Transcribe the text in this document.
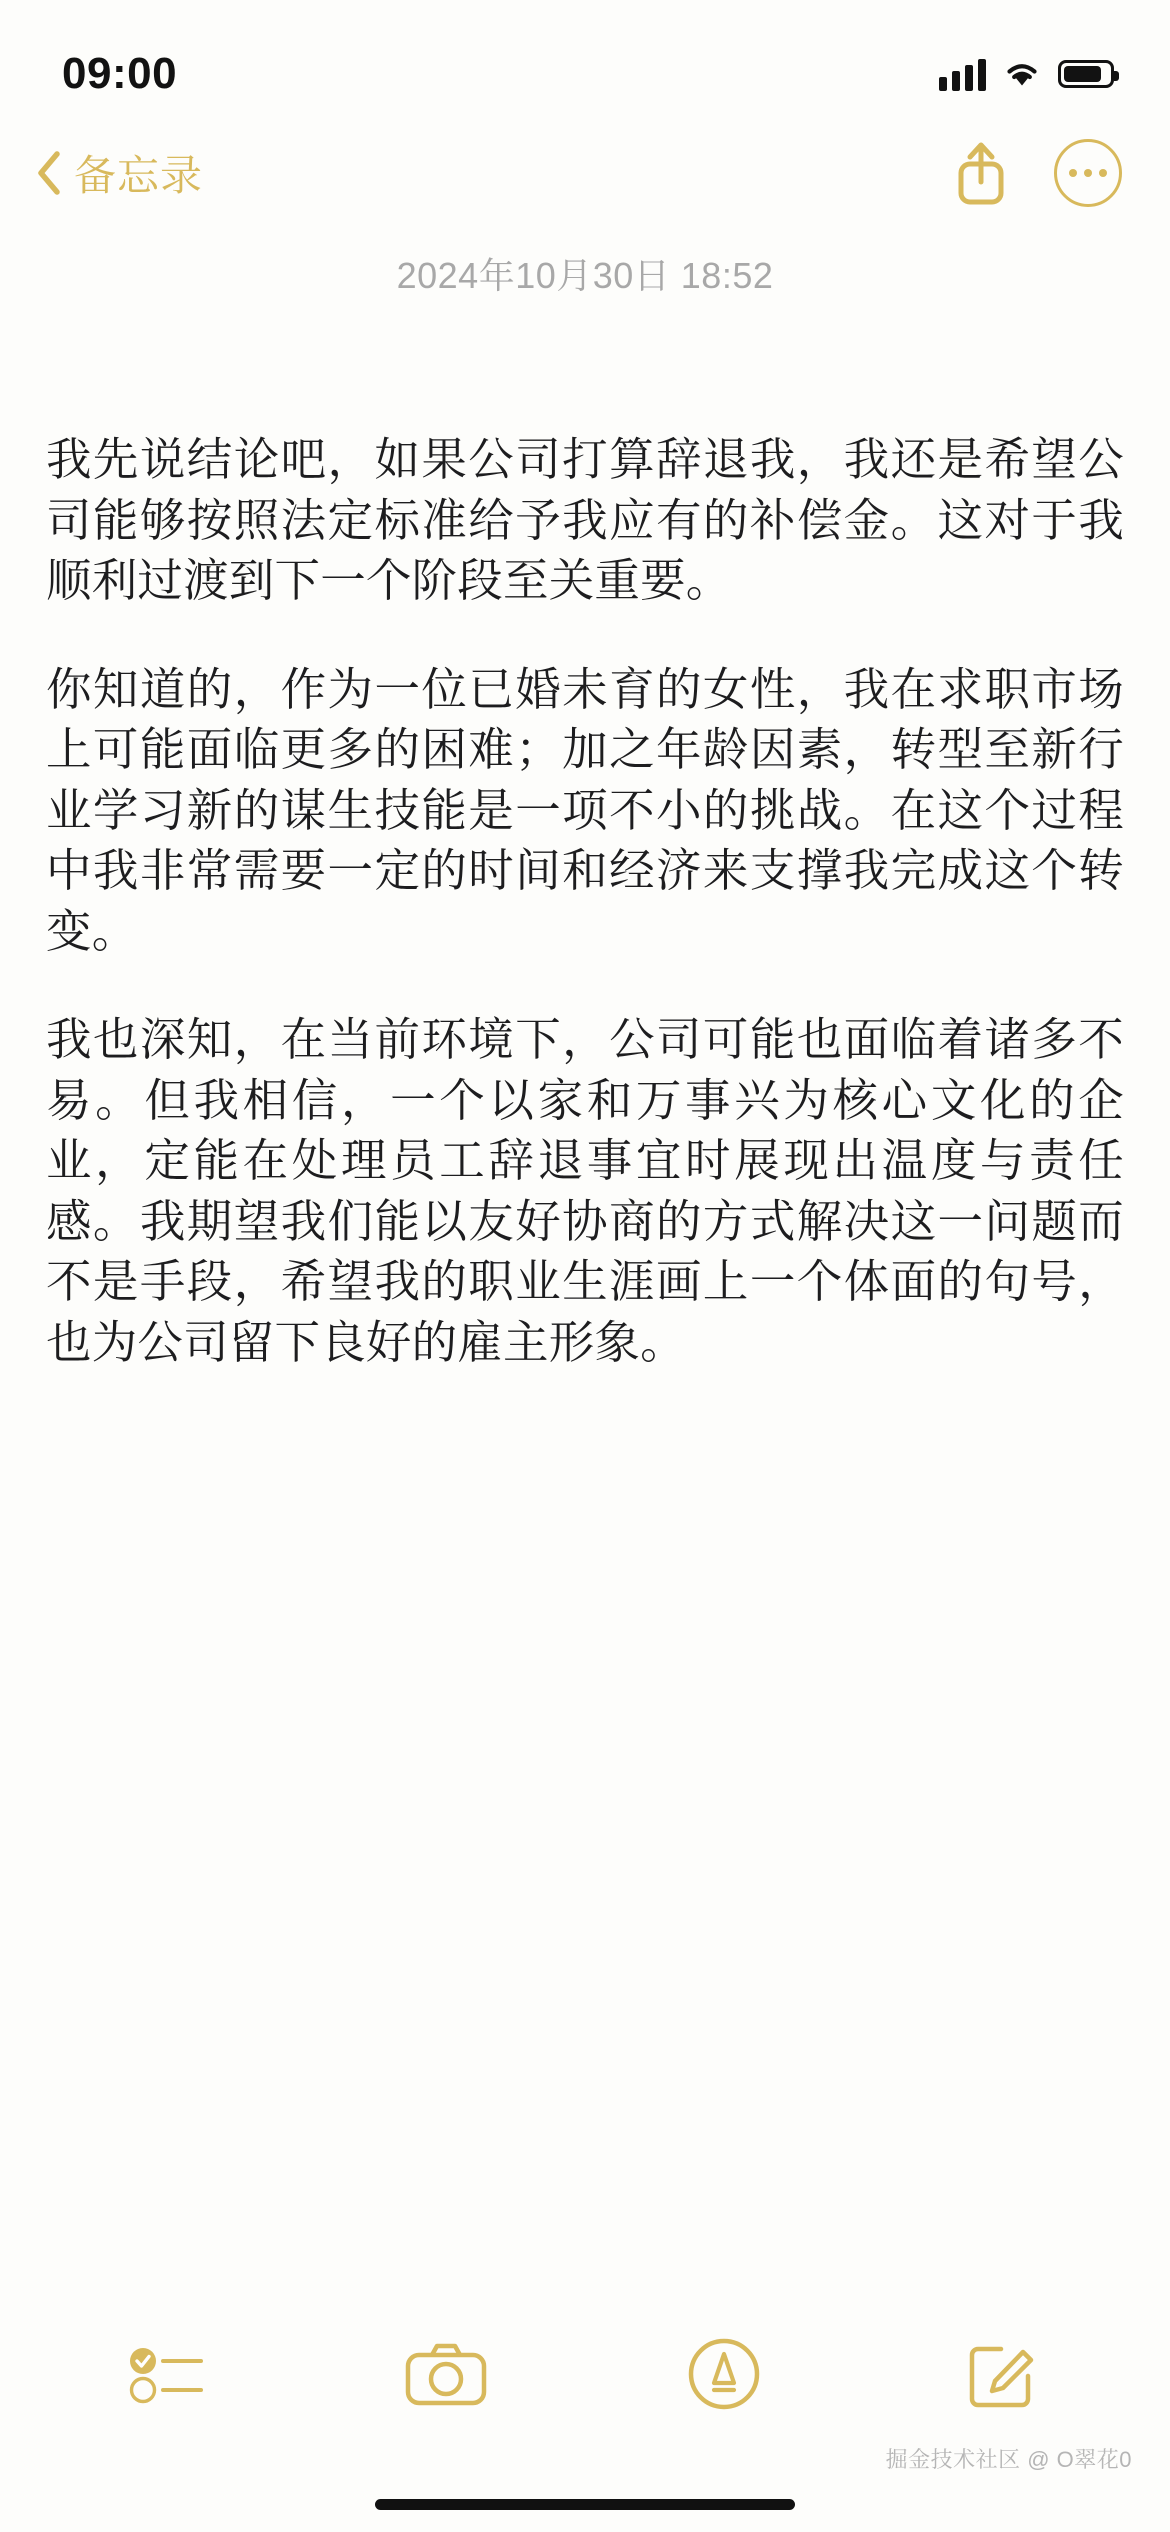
09:00
备忘录
2024年10月30日 18:52

我先说结论吧，如果公司打算辞退我，我还是希望公司能够按照法定标准给予我应有的补偿金。这对于我顺利过渡到下一个阶段至关重要。

你知道的，作为一位已婚未育的女性，我在求职市场上可能面临更多的困难；加之年龄因素，转型至新行业学习新的谋生技能是一项不小的挑战。在这个过程中我非常需要一定的时间和经济来支撑我完成这个转变。

我也深知，在当前环境下，公司可能也面临着诸多不易。但我相信，一个以家和万事兴为核心文化的企业，定能在处理员工辞退事宜时展现出温度与责任感。我期望我们能以友好协商的方式解决这一问题而不是手段，希望我的职业生涯画上一个体面的句号，也为公司留下良好的雇主形象。

掘金技术社区 @ O翠花0
